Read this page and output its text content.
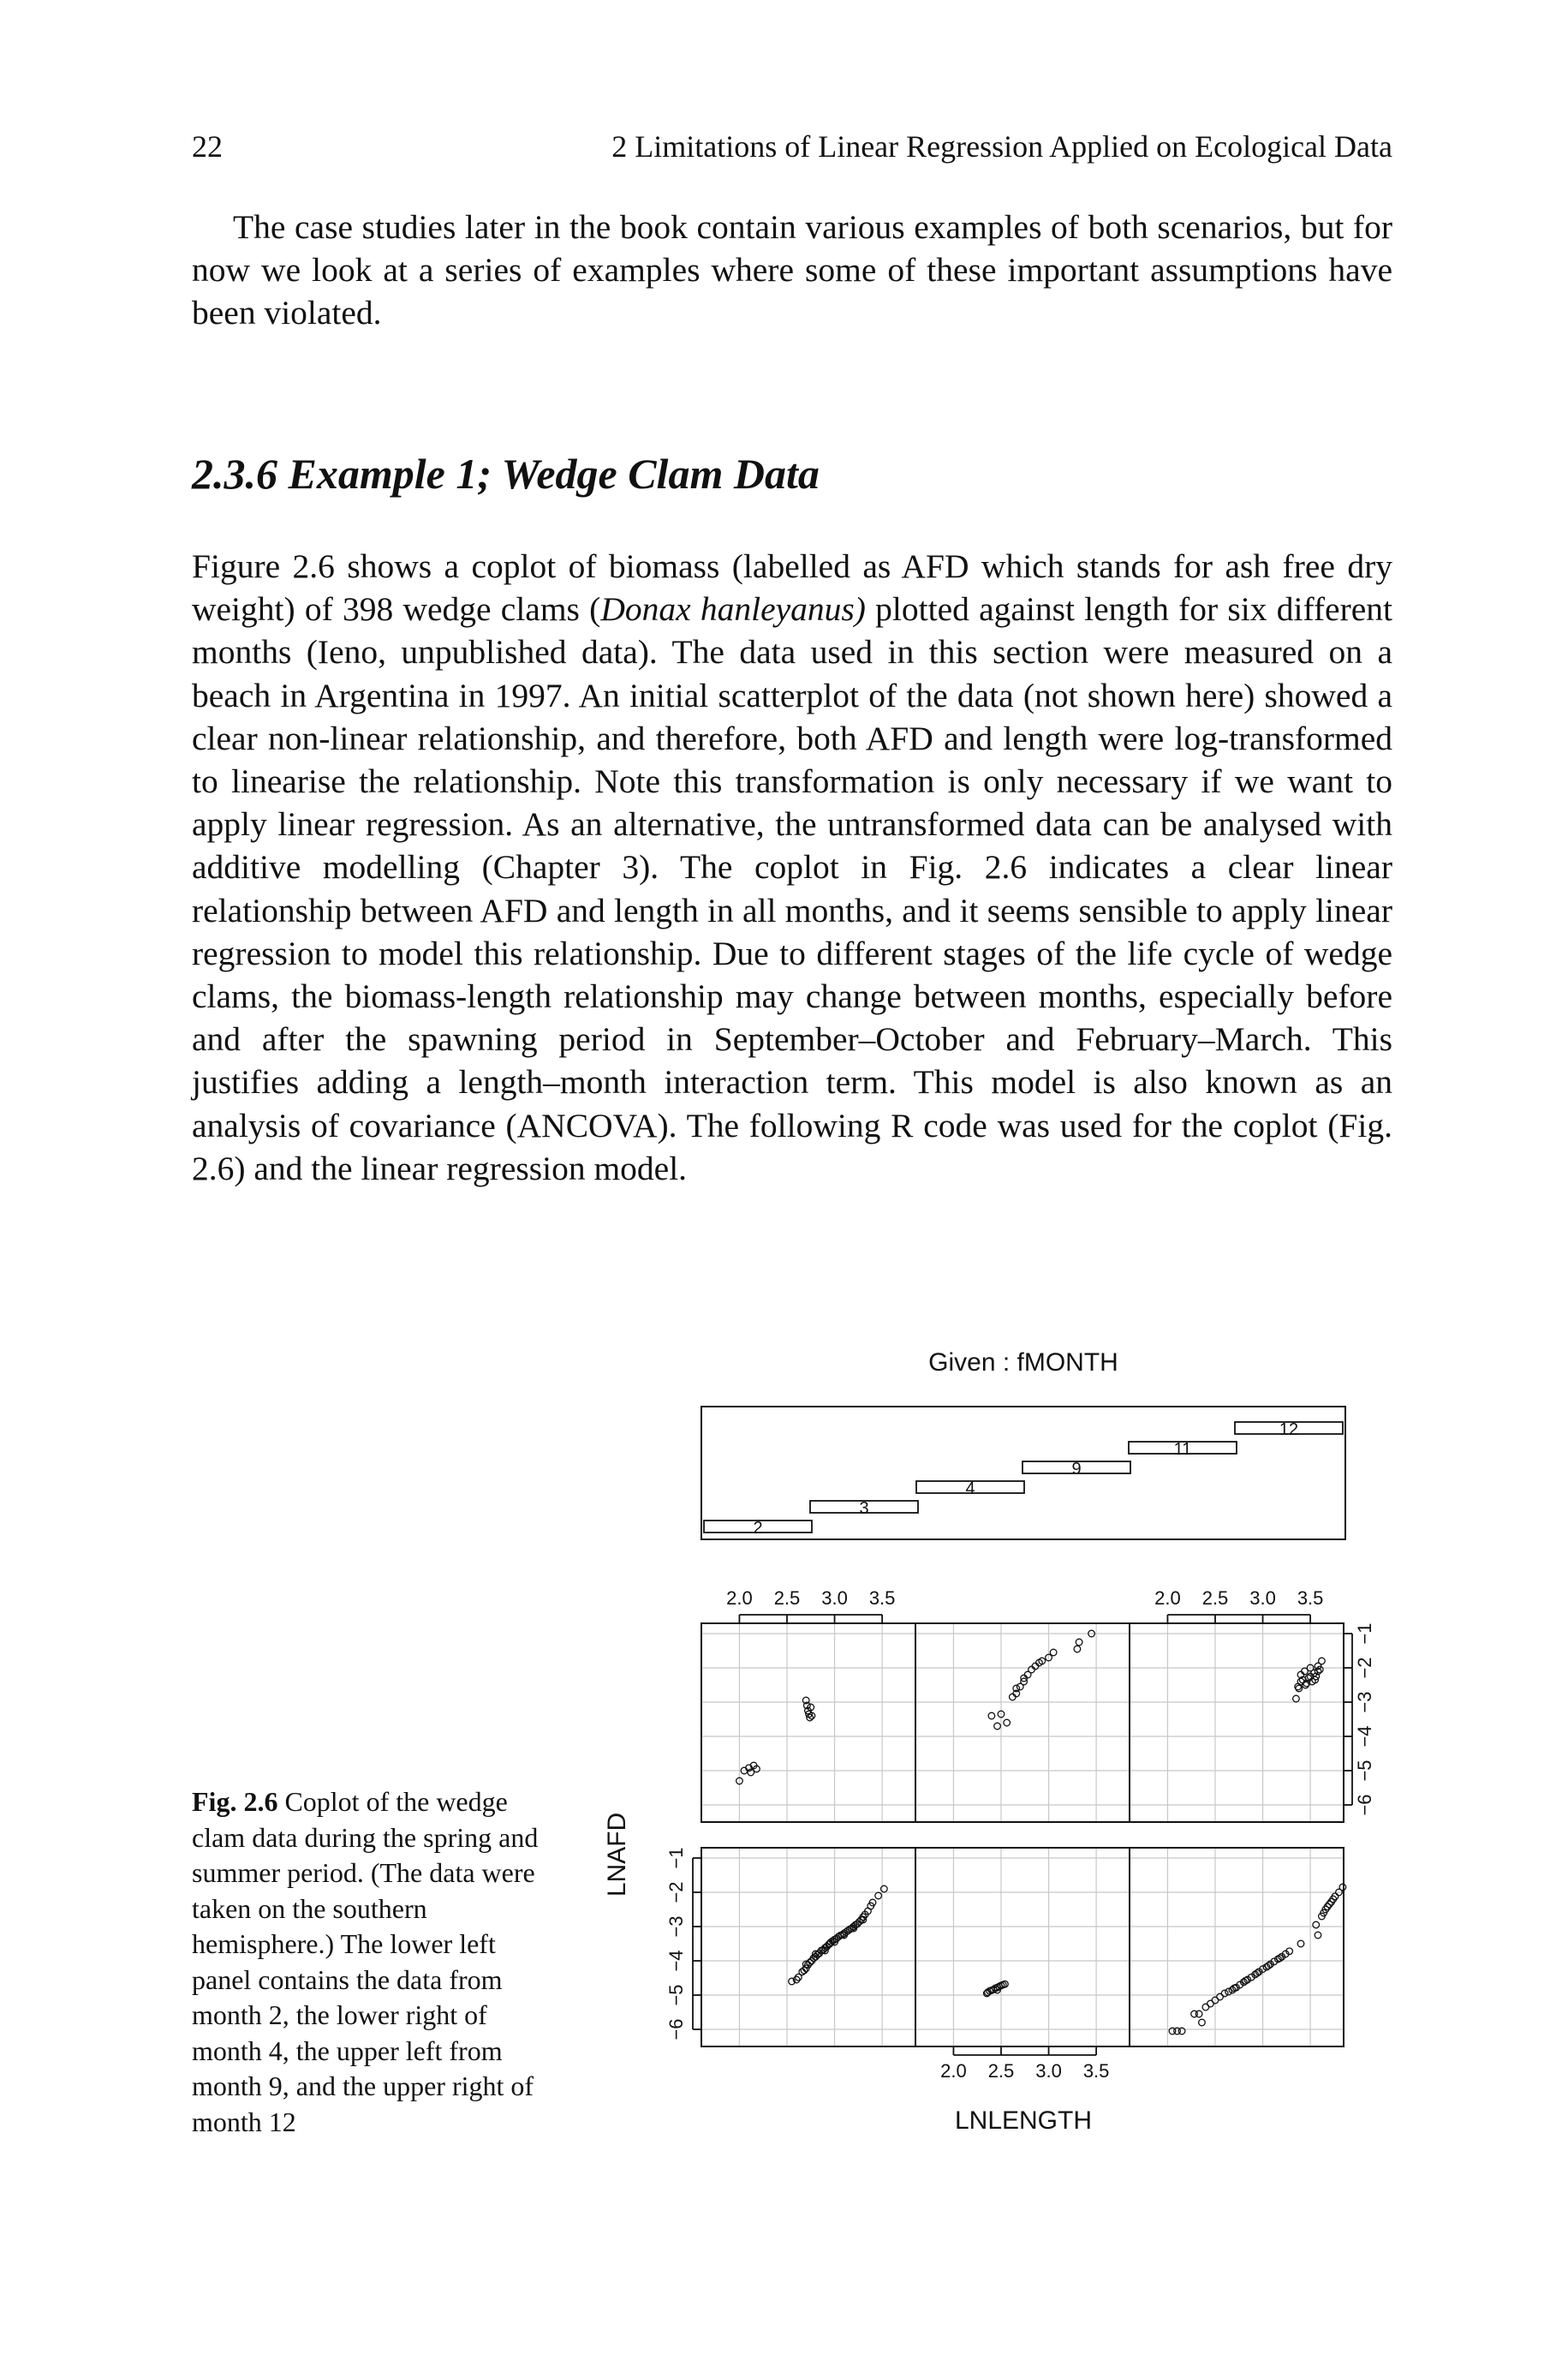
22	2 Limitations of Linear Regression Applied on Ecological Data

The case studies later in the book contain various examples of both scenarios, but for now we look at a series of examples where some of these important assumptions have been violated.

2.3.6 Example 1; Wedge Clam Data

Figure 2.6 shows a coplot of biomass (labelled as AFD which stands for ash free dry weight) of 398 wedge clams (Donax hanleyanus) plotted against length for six different months (Ieno, unpublished data). The data used in this section were measured on a beach in Argentina in 1997. An initial scatterplot of the data (not shown here) showed a clear non-linear relationship, and therefore, both AFD and length were log-transformed to linearise the relationship. Note this transformation is only necessary if we want to apply linear regression. As an alternative, the untransformed data can be analysed with additive modelling (Chapter 3). The coplot in Fig. 2.6 indicates a clear linear relationship between AFD and length in all months, and it seems sensible to apply linear regression to model this relationship. Due to different stages of the life cycle of wedge clams, the biomass-length relationship may change between months, especially before and after the spawning period in September–October and February–March. This justifies adding a length–month interaction term. This model is also known as an analysis of covariance (ANCOVA). The following R code was used for the coplot (Fig. 2.6) and the linear regression model.

Fig. 2.6 Coplot of the wedge clam data during the spring and summer period. (The data were taken on the southern hemisphere.) The lower left panel contains the data from month 2, the lower right of month 4, the upper left from month 9, and the upper right of month 12

Given : fMONTH
2
3
4
9
11
12
2.0 2.5 3.0 3.5	2.0 2.5 3.0 3.5
2.0 2.5 3.0 3.5
−6
−5
−4
−3
−2
−1
−6
−5
−4
−3
−2
−1
LNLENGTH
LNAFD
